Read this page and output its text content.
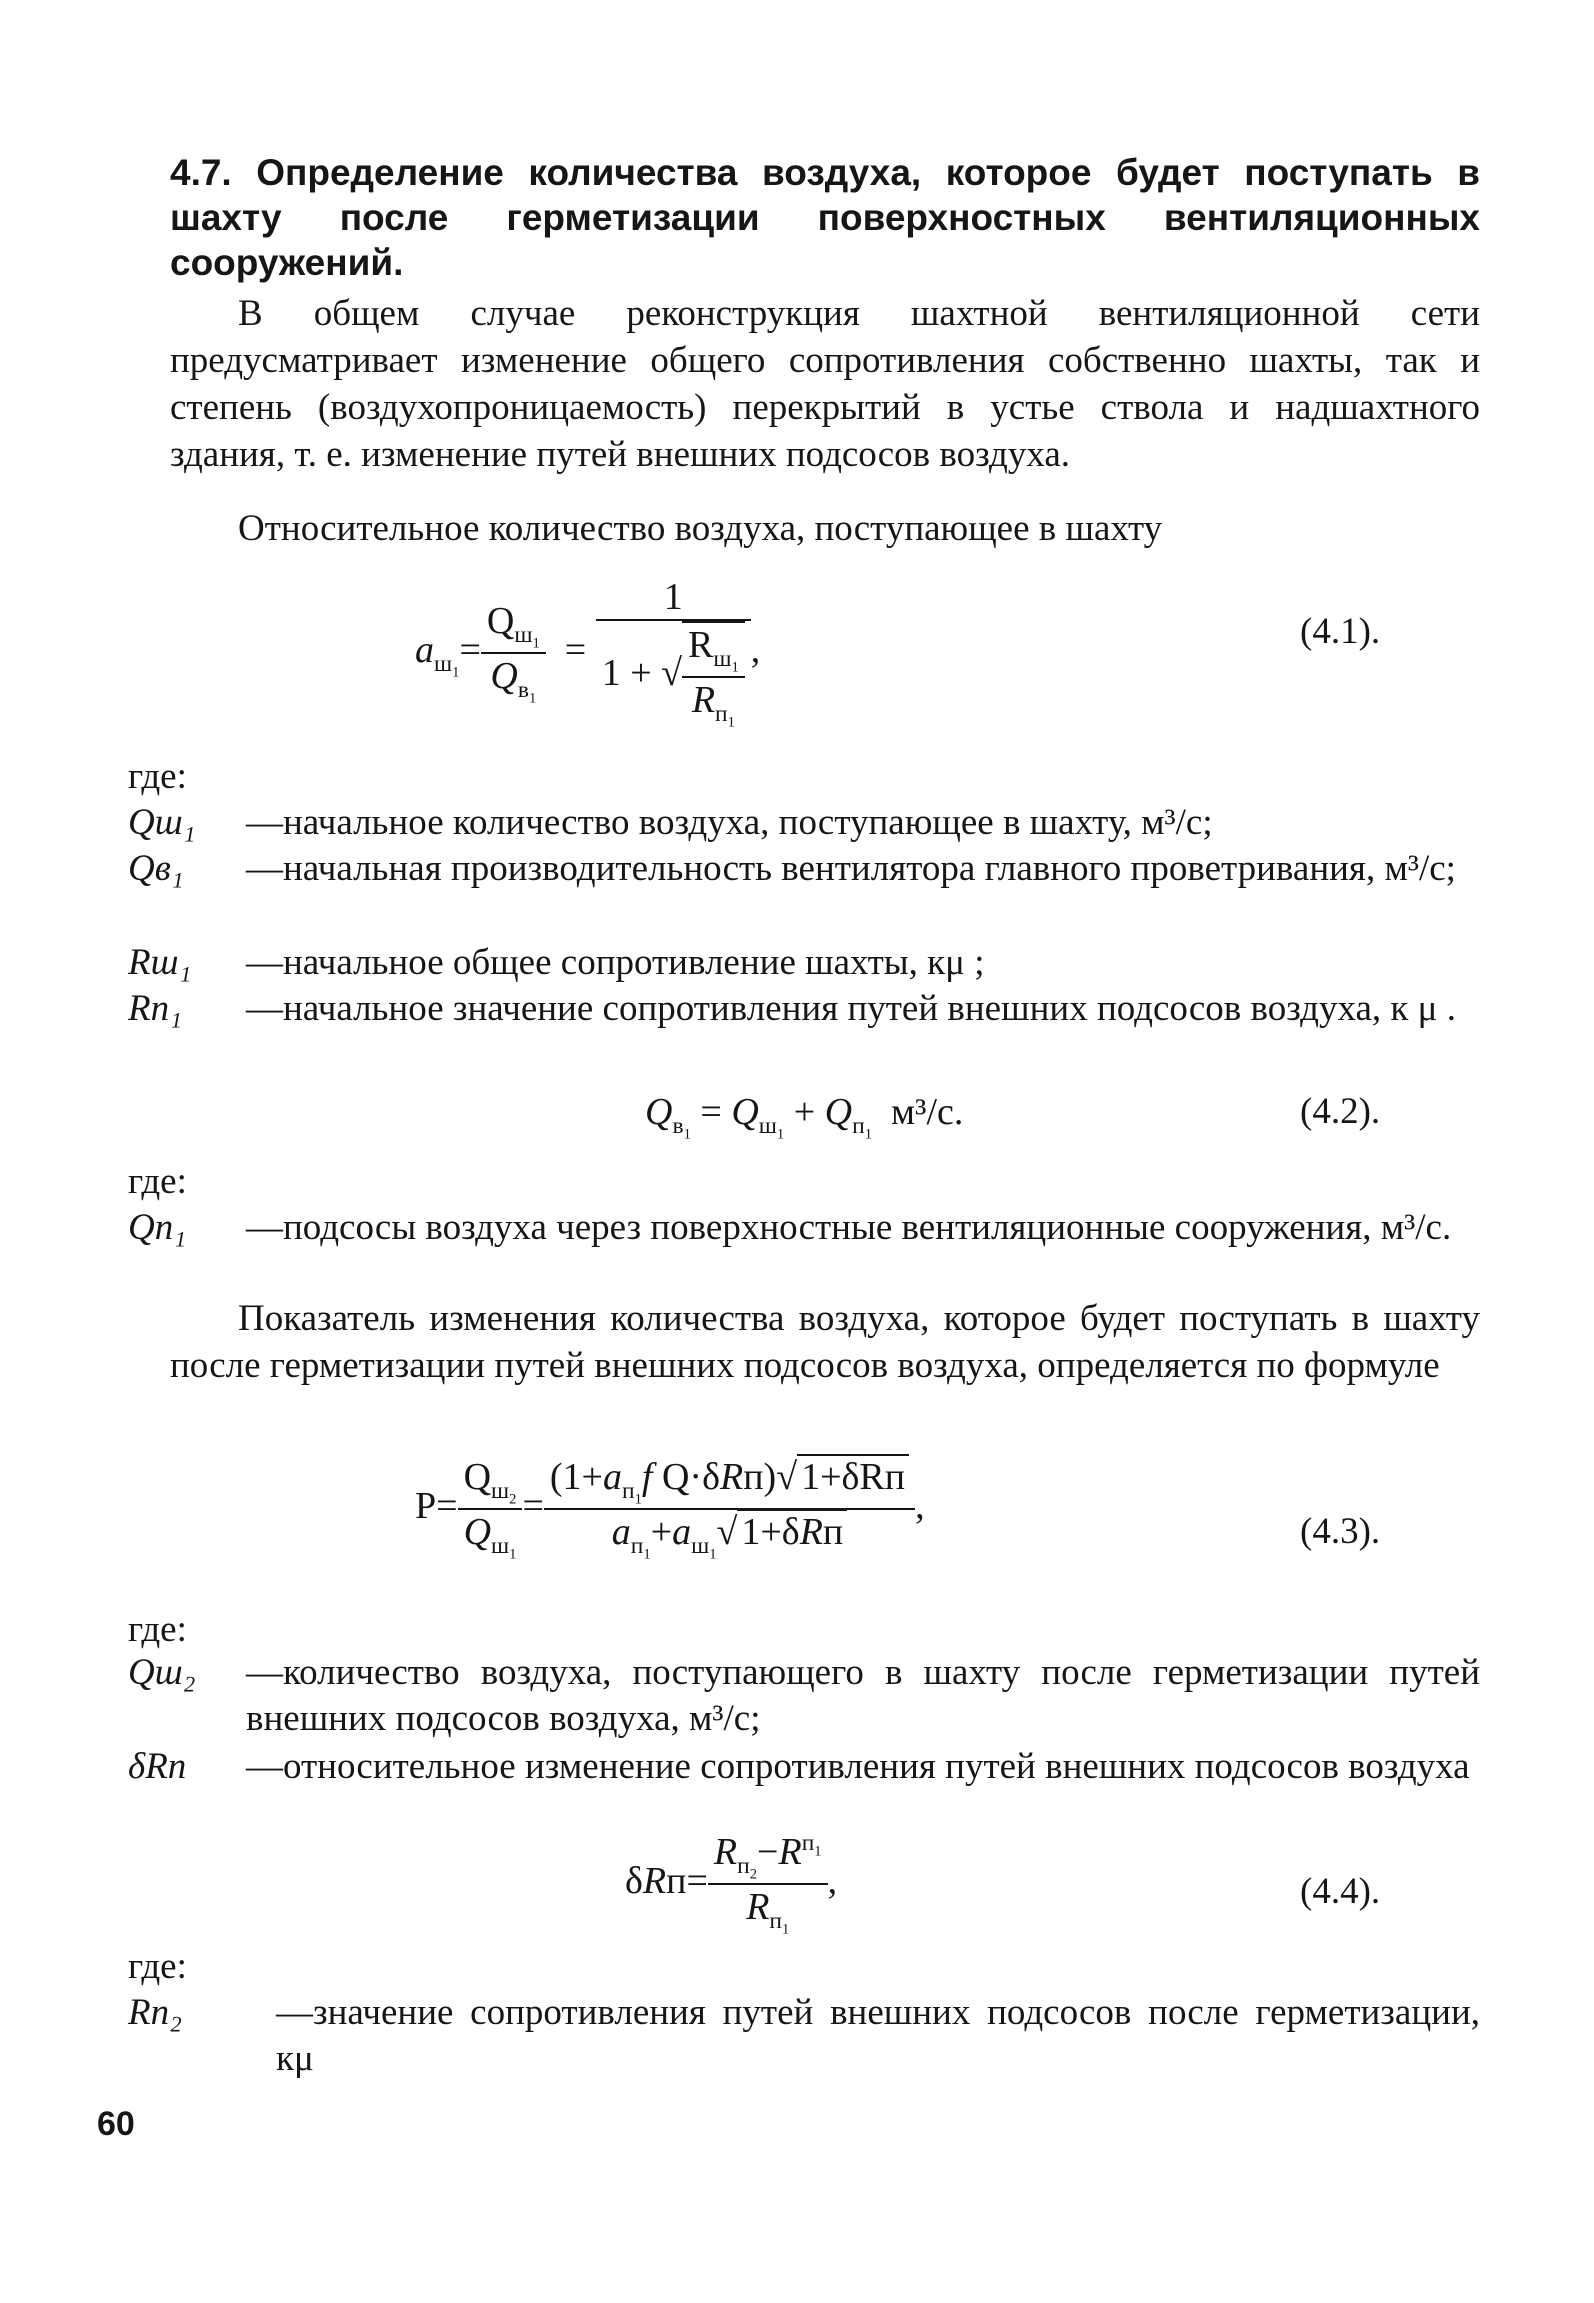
4.7. Определение количества воздуха, которое будет поступать в шахту после герметизации поверхностных вентиляционных сооружений.
В общем случае реконструкция шахтной вентиляционной сети предусматривает изменение общего сопротивления собственно шахты, так и степень (воздухопроницаемость) перекрытий в устье ствола и надшахтного здания, т. е. изменение путей внешних подсосов воздуха.
Относительное количество воздуха, поступающее в шахту
$a_{ш_1}= \frac{Q_{ш_1}}{Q_{в_1}} = \frac{1}{1 + √ \frac{R_{ш_1}}{R_{п_1}}}$ ,	(4.1).
где:
Qш₁ —начальное количество воздуха, поступающее в шахту, м³/с;
Qв₁ —начальная производительность вентилятора главного проветривания, м³/с;
Rш₁ —начальное общее сопротивление шахты, кμ ;
Rп₁ —начальное значение сопротивления путей внешних подсосов воздуха, к μ .
$Q_{в_1} = Q_{ш_1} + Q_{п_1}$  м³/с.	(4.2).
где:
Qп₁ —подсосы воздуха через поверхностные вентиляционные сооружения, м³/с.
Показатель изменения количества воздуха, которое будет поступать в шахту после герметизации путей внешних подсосов воздуха, определяется по формуле
$P= \frac{Q_{ш_2}}{Q_{ш_1}} = \frac{(1+a_{п_1}f Q\cdot\delta Rп)√ 1+\delta Rп}{a_{п_1}+a_{ш_1}√ 1+\delta Rп}$ ,
(4.3).
где:
Qш₂ —количество воздуха, поступающего в шахту после герметизации путей внешних подсосов воздуха, м³/с;
δRп —относительное изменение сопротивления путей внешних подсосов воздуха
$\delta Rп= \frac{R_{п_2}-R^{п_1}}{R_{п_1}}$ ,	(4.4).
где:
Rп₂	—значение сопротивления путей внешних подсосов после герметизации, кμ
60
